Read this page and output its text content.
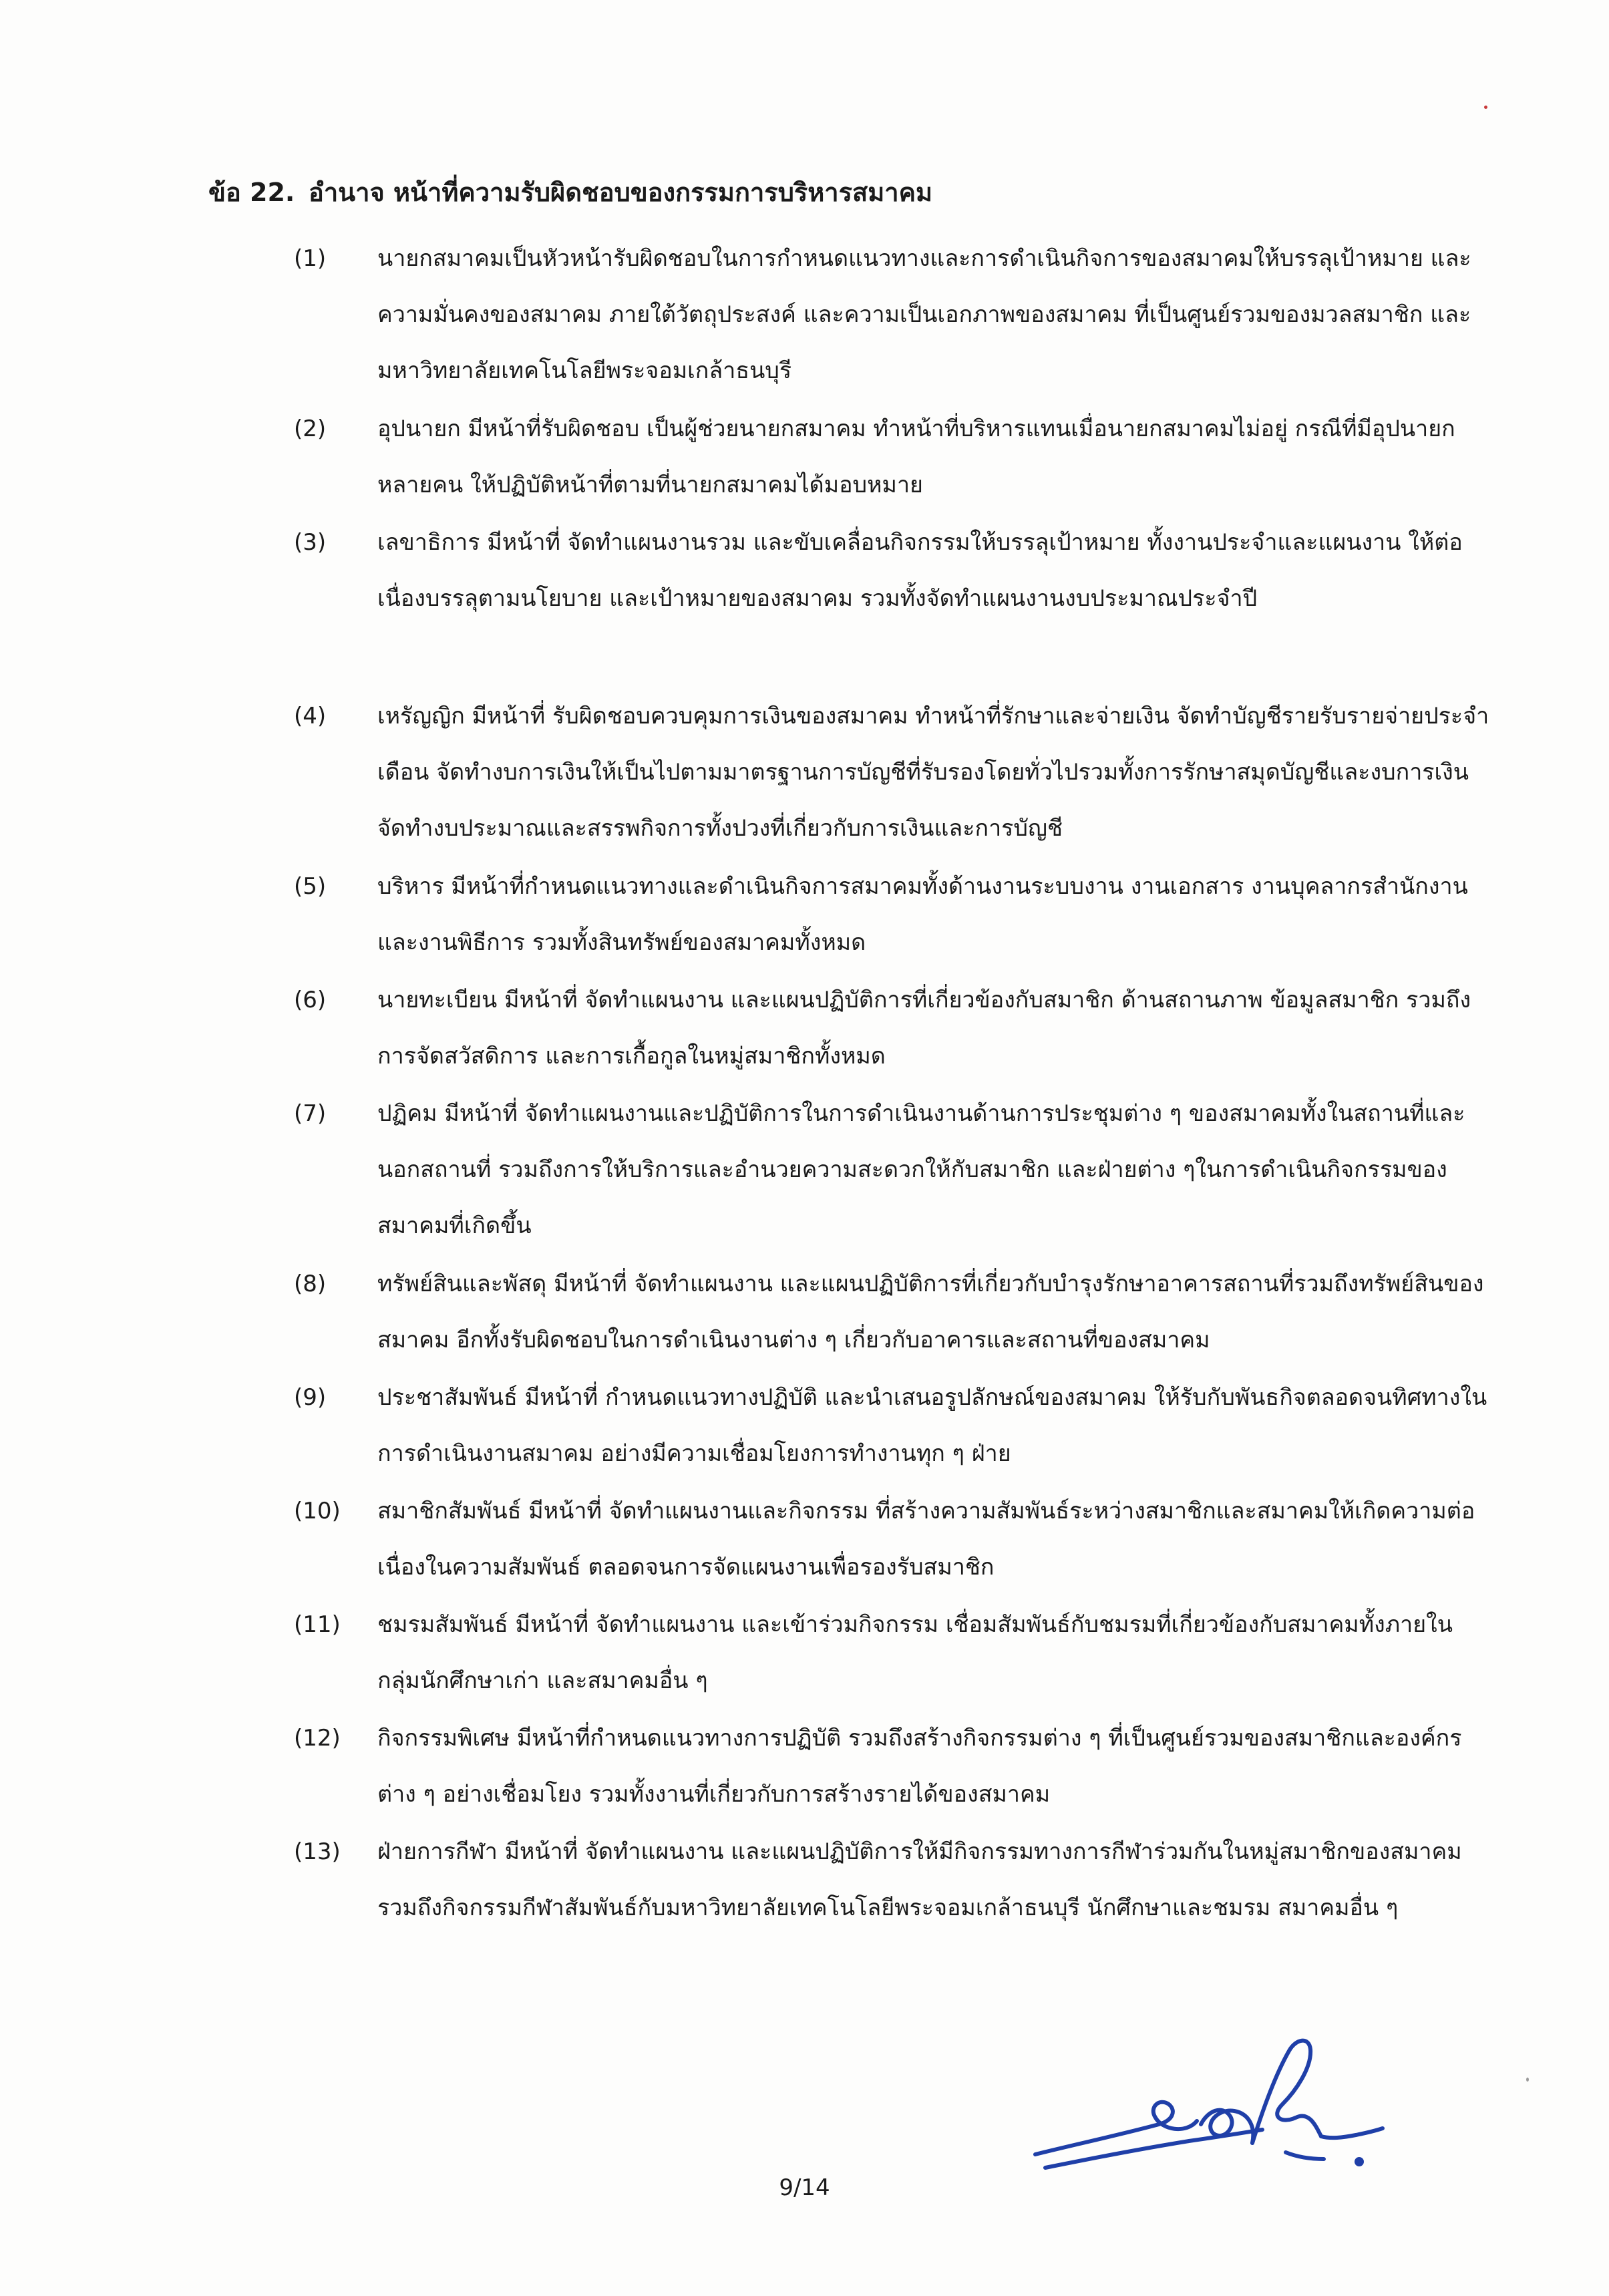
ข้อ 22. อำนาจ หน้าที่ความรับผิดชอบของกรรมการบริหารสมาคม
(1)	นายกสมาคมเป็นหัวหน้ารับผิดชอบในการกำหนดแนวทางและการดำเนินกิจการของสมาคมให้บรรลุเป้าหมาย และความมั่นคงของสมาคม ภายใต้วัตถุประสงค์ และความเป็นเอกภาพของสมาคม ที่เป็นศูนย์รวมของมวลสมาชิก และมหาวิทยาลัยเทคโนโลยีพระจอมเกล้าธนบุรี
(2)	อุปนายก มีหน้าที่รับผิดชอบ เป็นผู้ช่วยนายกสมาคม ทำหน้าที่บริหารแทนเมื่อนายกสมาคมไม่อยู่ กรณีที่มีอุปนายกหลายคน ให้ปฏิบัติหน้าที่ตามที่นายกสมาคมได้มอบหมาย
(3)	เลขาธิการ มีหน้าที่ จัดทำแผนงานรวม และขับเคลื่อนกิจกรรมให้บรรลุเป้าหมาย ทั้งงานประจำและแผนงาน ให้ต่อเนื่องบรรลุตามนโยบาย และเป้าหมายของสมาคม รวมทั้งจัดทำแผนงานงบประมาณประจำปี
(4)	เหรัญญิก มีหน้าที่ รับผิดชอบควบคุมการเงินของสมาคม ทำหน้าที่รักษาและจ่ายเงิน จัดทำบัญชีรายรับรายจ่ายประจำเดือน จัดทำงบการเงินให้เป็นไปตามมาตรฐานการบัญชีที่รับรองโดยทั่วไปรวมทั้งการรักษาสมุดบัญชีและงบการเงิน จัดทำงบประมาณและสรรพกิจการทั้งปวงที่เกี่ยวกับการเงินและการบัญชี
(5)	บริหาร มีหน้าที่กำหนดแนวทางและดำเนินกิจการสมาคมทั้งด้านงานระบบงาน งานเอกสาร งานบุคลากรสำนักงาน และงานพิธีการ รวมทั้งสินทรัพย์ของสมาคมทั้งหมด
(6)	นายทะเบียน มีหน้าที่ จัดทำแผนงาน และแผนปฏิบัติการที่เกี่ยวข้องกับสมาชิก ด้านสถานภาพ ข้อมูลสมาชิก รวมถึงการจัดสวัสดิการ และการเกื้อกูลในหมู่สมาชิกทั้งหมด
(7)	ปฏิคม มีหน้าที่ จัดทำแผนงานและปฏิบัติการในการดำเนินงานด้านการประชุมต่าง ๆ ของสมาคมทั้งในสถานที่และนอกสถานที่ รวมถึงการให้บริการและอำนวยความสะดวกให้กับสมาชิก และฝ่ายต่าง ๆในการดำเนินกิจกรรมของสมาคมที่เกิดขึ้น
(8)	ทรัพย์สินและพัสดุ มีหน้าที่ จัดทำแผนงาน และแผนปฏิบัติการที่เกี่ยวกับบำรุงรักษาอาคารสถานที่รวมถึงทรัพย์สินของสมาคม อีกทั้งรับผิดชอบในการดำเนินงานต่าง ๆ เกี่ยวกับอาคารและสถานที่ของสมาคม
(9)	ประชาสัมพันธ์ มีหน้าที่ กำหนดแนวทางปฏิบัติ และนำเสนอรูปลักษณ์ของสมาคม ให้รับกับพันธกิจตลอดจนทิศทางในการดำเนินงานสมาคม อย่างมีความเชื่อมโยงการทำงานทุก ๆ ฝ่าย
(10)	สมาชิกสัมพันธ์ มีหน้าที่ จัดทำแผนงานและกิจกรรม ที่สร้างความสัมพันธ์ระหว่างสมาชิกและสมาคมให้เกิดความต่อเนื่องในความสัมพันธ์ ตลอดจนการจัดแผนงานเพื่อรองรับสมาชิก
(11)	ชมรมสัมพันธ์ มีหน้าที่ จัดทำแผนงาน และเข้าร่วมกิจกรรม เชื่อมสัมพันธ์กับชมรมที่เกี่ยวข้องกับสมาคมทั้งภายในกลุ่มนักศึกษาเก่า และสมาคมอื่น ๆ
(12)	กิจกรรมพิเศษ มีหน้าที่กำหนดแนวทางการปฏิบัติ รวมถึงสร้างกิจกรรมต่าง ๆ ที่เป็นศูนย์รวมของสมาชิกและองค์กรต่าง ๆ อย่างเชื่อมโยง รวมทั้งงานที่เกี่ยวกับการสร้างรายได้ของสมาคม
(13)	ฝ่ายการกีฬา มีหน้าที่ จัดทำแผนงาน และแผนปฏิบัติการให้มีกิจกรรมทางการกีฬาร่วมกันในหมู่สมาชิกของสมาคม รวมถึงกิจกรรมกีฬาสัมพันธ์กับมหาวิทยาลัยเทคโนโลยีพระจอมเกล้าธนบุรี นักศึกษาและชมรม สมาคมอื่น ๆ
9/14
